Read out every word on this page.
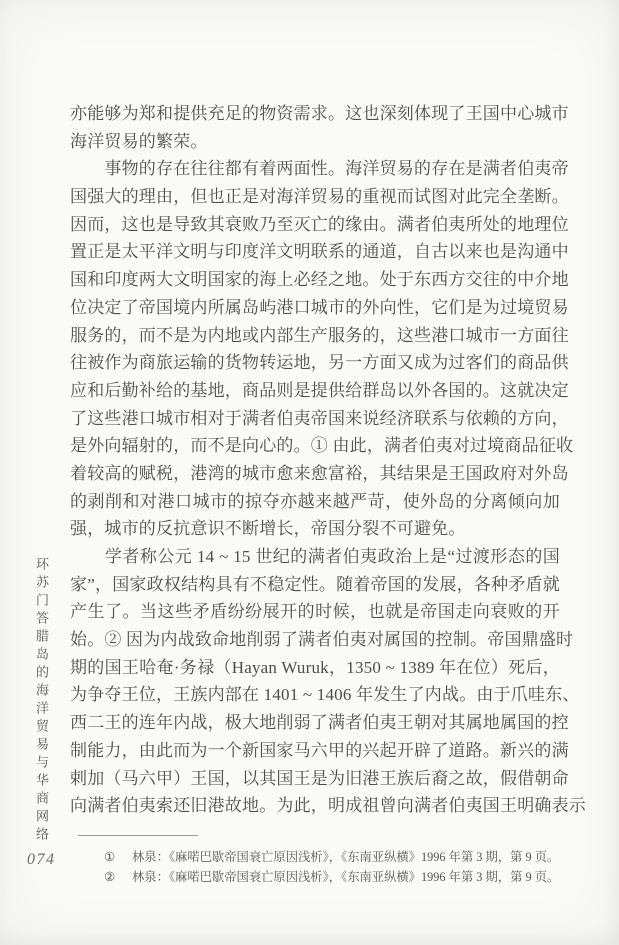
环苏门答腊岛的海洋贸易与华商网络
亦能够为郑和提供充足的物资需求。这也深刻体现了王国中心城市
海洋贸易的繁荣。
　　事物的存在往往都有着两面性。海洋贸易的存在是满者伯夷帝
国强大的理由，但也正是对海洋贸易的重视而试图对此完全垄断。
因而，这也是导致其衰败乃至灭亡的缘由。满者伯夷所处的地理位
置正是太平洋文明与印度洋文明联系的通道，自古以来也是沟通中
国和印度两大文明国家的海上必经之地。处于东西方交往的中介地
位决定了帝国境内所属岛屿港口城市的外向性，它们是为过境贸易
服务的，而不是为内地或内部生产服务的，这些港口城市一方面往
往被作为商旅运输的货物转运地，另一方面又成为过客们的商品供
应和后勤补给的基地，商品则是提供给群岛以外各国的。这就决定
了这些港口城市相对于满者伯夷帝国来说经济联系与依赖的方向，
是外向辐射的，而不是向心的。① 由此，满者伯夷对过境商品征收
着较高的赋税，港湾的城市愈来愈富裕，其结果是王国政府对外岛
的剥削和对港口城市的掠夺亦越来越严苛，使外岛的分离倾向加
强，城市的反抗意识不断增长，帝国分裂不可避免。
　　学者称公元 14 ~ 15 世纪的满者伯夷政治上是“过渡形态的国
家”，国家政权结构具有不稳定性。随着帝国的发展，各种矛盾就
产生了。当这些矛盾纷纷展开的时候，也就是帝国走向衰败的开
始。② 因为内战致命地削弱了满者伯夷对属国的控制。帝国鼎盛时
期的国王哈奄·务禄（Hayan Wuruk，1350 ~ 1389 年在位）死后，
为争夺王位，王族内部在 1401 ~ 1406 年发生了内战。由于爪哇东、
西二王的连年内战，极大地削弱了满者伯夷王朝对其属地属国的控
制能力，由此而为一个新国家马六甲的兴起开辟了道路。新兴的满
剌加（马六甲）王国，以其国王是为旧港王族后裔之故，假借朝命
向满者伯夷索还旧港故地。为此，明成祖曾向满者伯夷国王明确表示
①	林泉：《麻喏巴歇帝国衰亡原因浅析》，《东南亚纵横》1996 年第 3 期，第 9 页。
②	林泉：《麻喏巴歇帝国衰亡原因浅析》，《东南亚纵横》1996 年第 3 期，第 9 页。
074
